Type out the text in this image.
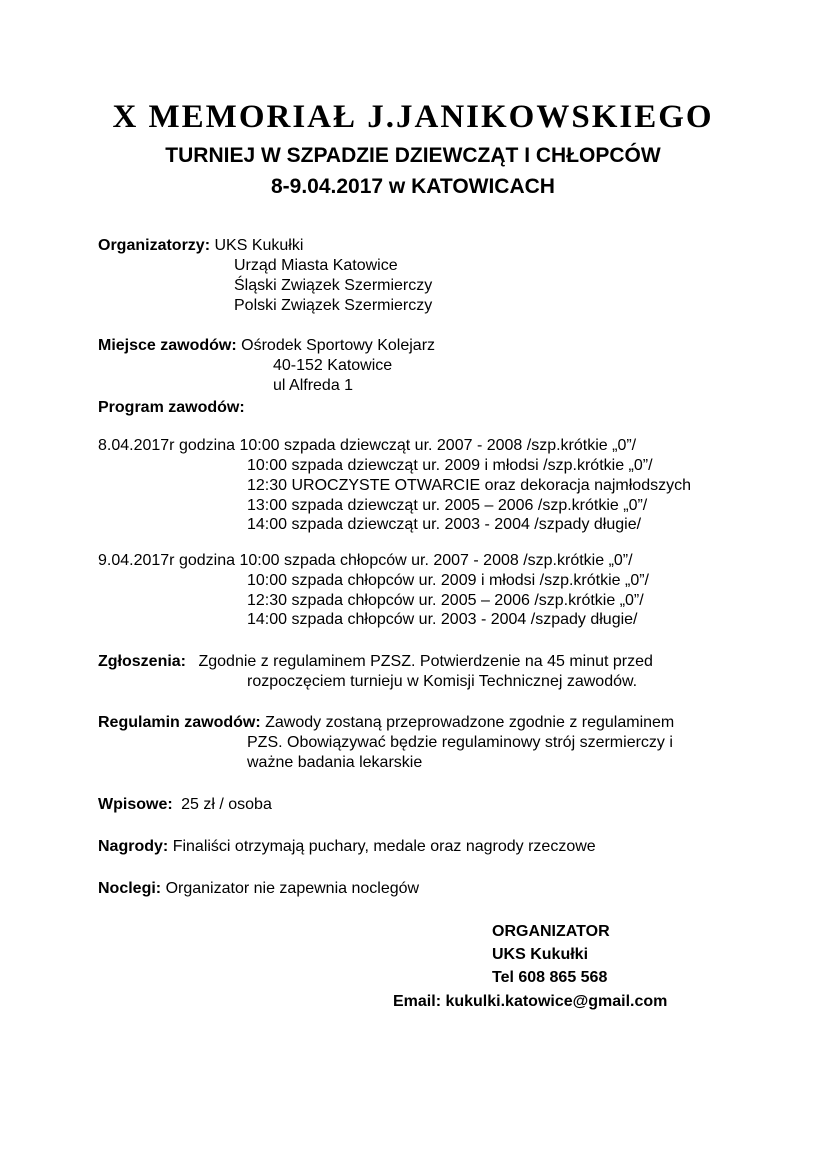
X MEMORIAŁ J.JANIKOWSKIEGO
TURNIEJ W SZPADZIE DZIEWCZĄT I CHŁOPCÓW
8-9.04.2017 w KATOWICACH
Organizatorzy: UKS Kukułki
Urząd Miasta Katowice
Śląski Związek Szermierczy
Polski Związek Szermierczy
Miejsce zawodów: Ośrodek Sportowy Kolejarz
40-152 Katowice
ul Alfreda 1
Program zawodów:
8.04.2017r godzina 10:00 szpada dziewcząt ur. 2007 - 2008 /szp.krótkie „0”/
10:00 szpada dziewcząt ur. 2009 i młodsi /szp.krótkie „0”/
12:30 UROCZYSTE OTWARCIE oraz dekoracja najmłodszych
13:00 szpada dziewcząt ur. 2005 – 2006 /szp.krótkie „0”/
14:00 szpada dziewcząt ur. 2003 - 2004 /szpady długie/
9.04.2017r godzina 10:00 szpada chłopców ur. 2007 - 2008 /szp.krótkie „0”/
10:00 szpada chłopców ur. 2009 i młodsi /szp.krótkie „0”/
12:30 szpada chłopców ur. 2005 – 2006 /szp.krótkie „0”/
14:00 szpada chłopców ur. 2003 - 2004 /szpady długie/
Zgłoszenia: Zgodnie z regulaminem PZSZ. Potwierdzenie na 45 minut przed
rozpoczęciem turnieju w Komisji Technicznej zawodów.
Regulamin zawodów: Zawody zostaną przeprowadzone zgodnie z regulaminem
PZS. Obowiązywać będzie regulaminowy strój szermierczy i
ważne badania lekarskie
Wpisowe: 25 zł / osoba
Nagrody: Finaliści otrzymają puchary, medale oraz nagrody rzeczowe
Noclegi: Organizator nie zapewnia noclegów
ORGANIZATOR
UKS Kukułki
Tel 608 865 568
Email: kukulki.katowice@gmail.com
